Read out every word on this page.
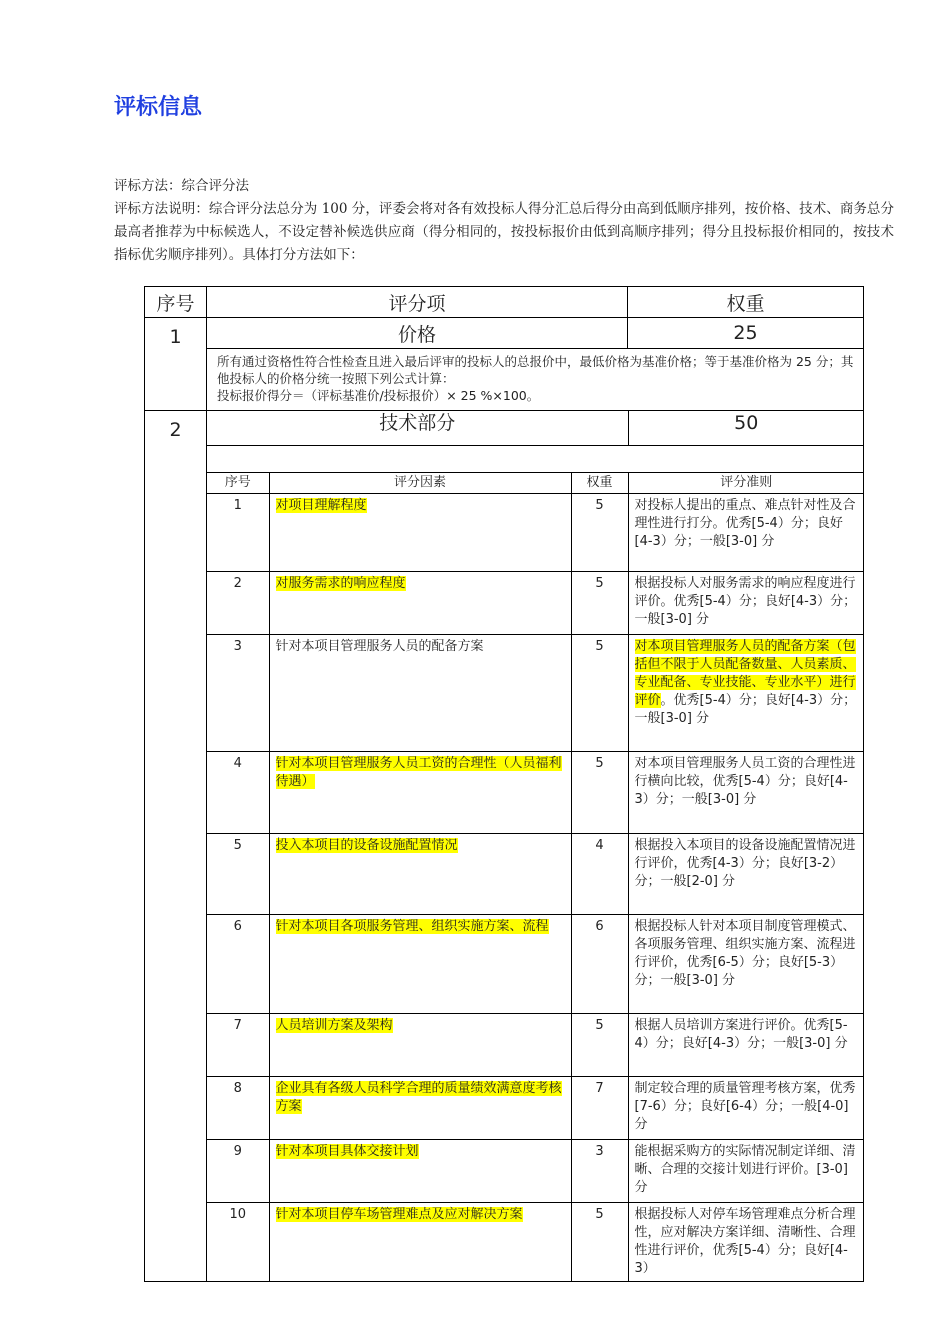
评标信息

评标方法：综合评分法

评标方法说明：综合评分法总分为 100 分，评委会将对各有效投标人得分汇总后得分由高到低顺序排列，按价格、技术、商务总分最高者推荐为中标候选人，不设定替补候选供应商（得分相同的，按投标报价由低到高顺序排列；得分且投标报价相同的，按技术指标优劣顺序排列）。具体打分方法如下：

序号	评分项	权重
1	价格	25

所有通过资格性符合性检查且进入最后评审的投标人的总报价中，最低价格为基准价格；等于基准价格为 25 分；其他投标人的价格分统一按照下列公式计算：
投标报价得分＝（评标基准价/投标报价）× 25 %×100。

2		技术部分	50

序号	评分因素	权重	评分准则
1	对项目理解程度	5	对投标人提出的重点、难点针对性及合理性进行打分。优秀[5-4）分；良好[4-3）分；一般[3-0] 分
2	对服务需求的响应程度	5	根据投标人对服务需求的响应程度进行评价。优秀[5-4）分；良好[4-3）分；一般[3-0] 分
3	针对本项目管理服务人员的配备方案	5	对本项目管理服务人员的配备方案（包括但不限于人员配备数量、人员素质、专业配备、专业技能、专业水平）进行评价。优秀[5-4）分；良好[4-3）分；一般[3-0] 分
4	针对本项目管理服务人员工资的合理性（人员福利待遇）	5	对本项目管理服务人员工资的合理性进行横向比较，优秀[5-4）分；良好[4-3）分；一般[3-0] 分
5	投入本项目的设备设施配置情况	4	根据投入本项目的设备设施配置情况进行评价，优秀[4-3）分；良好[3-2）分；一般[2-0] 分
6	针对本项目各项服务管理、组织实施方案、流程	6	根据投标人针对本项目制度管理模式、各项服务管理、组织实施方案、流程进行评价，优秀[6-5）分；良好[5-3）分；一般[3-0] 分
7	人员培训方案及架构	5	根据人员培训方案进行评价。优秀[5-4）分；良好[4-3）分；一般[3-0] 分
8	企业具有各级人员科学合理的质量绩效满意度考核方案	7	制定较合理的质量管理考核方案，优秀[7-6）分；良好[6-4）分；一般[4-0] 分
9	针对本项目具体交接计划	3	能根据采购方的实际情况制定详细、清晰、合理的交接计划进行评价。[3-0] 分
10	针对本项目停车场管理难点及应对解决方案	5	根据投标人对停车场管理难点分析合理性，应对解决方案详细、清晰性、合理性进行评价，优秀[5-4）分；良好[4-3）
